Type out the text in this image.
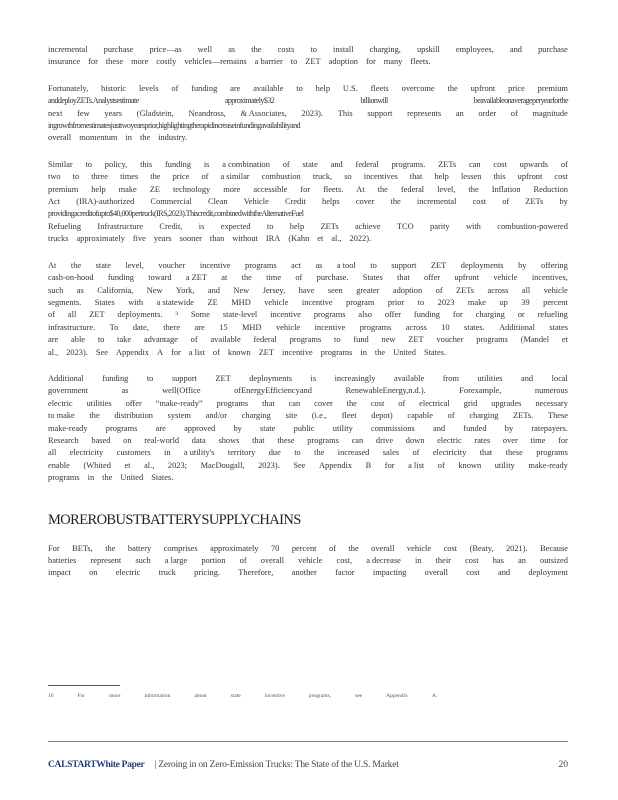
incremental purchase price—as well as the costs to install charging, upskill employees, and purchase
insurance for these more costly vehicles—remains a barrier to ZET adoption for many fleets.
Fortunately, historic levels of funding are available to help U.S. fleets overcome the upfront price premium
anddeployZETs.Analystsestimate	approximately$32	billionwill	beavailableonaverageperyearforthe
next few years (Gladstein, Neandross, & Associates, 2023). This support represents an order of magnitude
ingrowthfromestimatesjusttwoyearsprior,highlightingtherapidincreaseinfundingavailabilityand
overall momentum in the industry.
Similar to policy, this funding is a combination of state and federal programs. ZETs can cost upwards of
two to three times the price of a similar combustion truck, so incentives that help lessen this upfront cost
premium help make ZE technology more accessible for fleets. At the federal level, the Inflation Reduction
Act (IRA)-authorized Commercial Clean Vehicle Credit helps cover the incremental cost of ZETs by
providingacreditofupto$40,000pertruck(IRS,2023).Thiscredit,combinedwiththeAlternativeFuel
Refueling Infrastructure Credit, is expected to help ZETs achieve TCO parity with combustion-powered
trucks approximately five years sooner than without IRA (Kahn et al., 2022).
At the state level, voucher incentive programs act as a tool to support ZET deployments by offering
cash-on-hood funding toward a ZET at the time of purchase. States that offer upfront vehicle incentives,
such as California, New York, and New Jersey, have seen greater adoption of ZETs across all vehicle
segments. States with a statewide ZE MHD vehicle incentive program prior to 2023 make up 39 percent
of all ZET deployments. ³ Some state-level incentive programs also offer funding for charging or refueling
infrastructure. To date, there are 15 MHD vehicle incentive programs across 10 states. Additional states
are able to take advantage of available federal programs to fund new ZET voucher programs (Mandel et
al., 2023). See Appendix A for a list of known ZET incentive programs in the United States.
Additional funding to support ZET deployments is increasingly available from utilities and local
government	as	well(Office	ofEnergyEfficiencyand	RenewableEnergy,n.d.).	Forexample,	numerous
electric utilities offer “make-ready” programs that can cover the cost of electrical grid upgrades necessary
to make the distribution system and/or charging site (i.e., fleet depot) capable of charging ZETs. These
make-ready programs are approved by state public utility commissions and funded by ratepayers.
Research based on real-world data shows that these programs can drive down electric rates over time for
all electricity customers in a utility's territory due to the increased sales of electricity that these programs
enable (Whited et al., 2023; MacDougall, 2023). See Appendix B for a list of known utility make-ready
programs in the United States.
MOREROBUSTBATTERYSUPPLYCHAINS
For BETs, the battery comprises approximately 70 percent of the overall vehicle cost (Beaty, 2021). Because
batteries represent such a large portion of overall vehicle cost, a decrease in their cost has an outsized
impact on electric truck pricing. Therefore, another factor impacting overall cost and deployment
16	For	more	information	about	state	incentive	programs,	see	Appendix	A.
CALSTARTWhite Paper | Zeroing in on Zero-Emission Trucks: The State of the U.S. Market	20
